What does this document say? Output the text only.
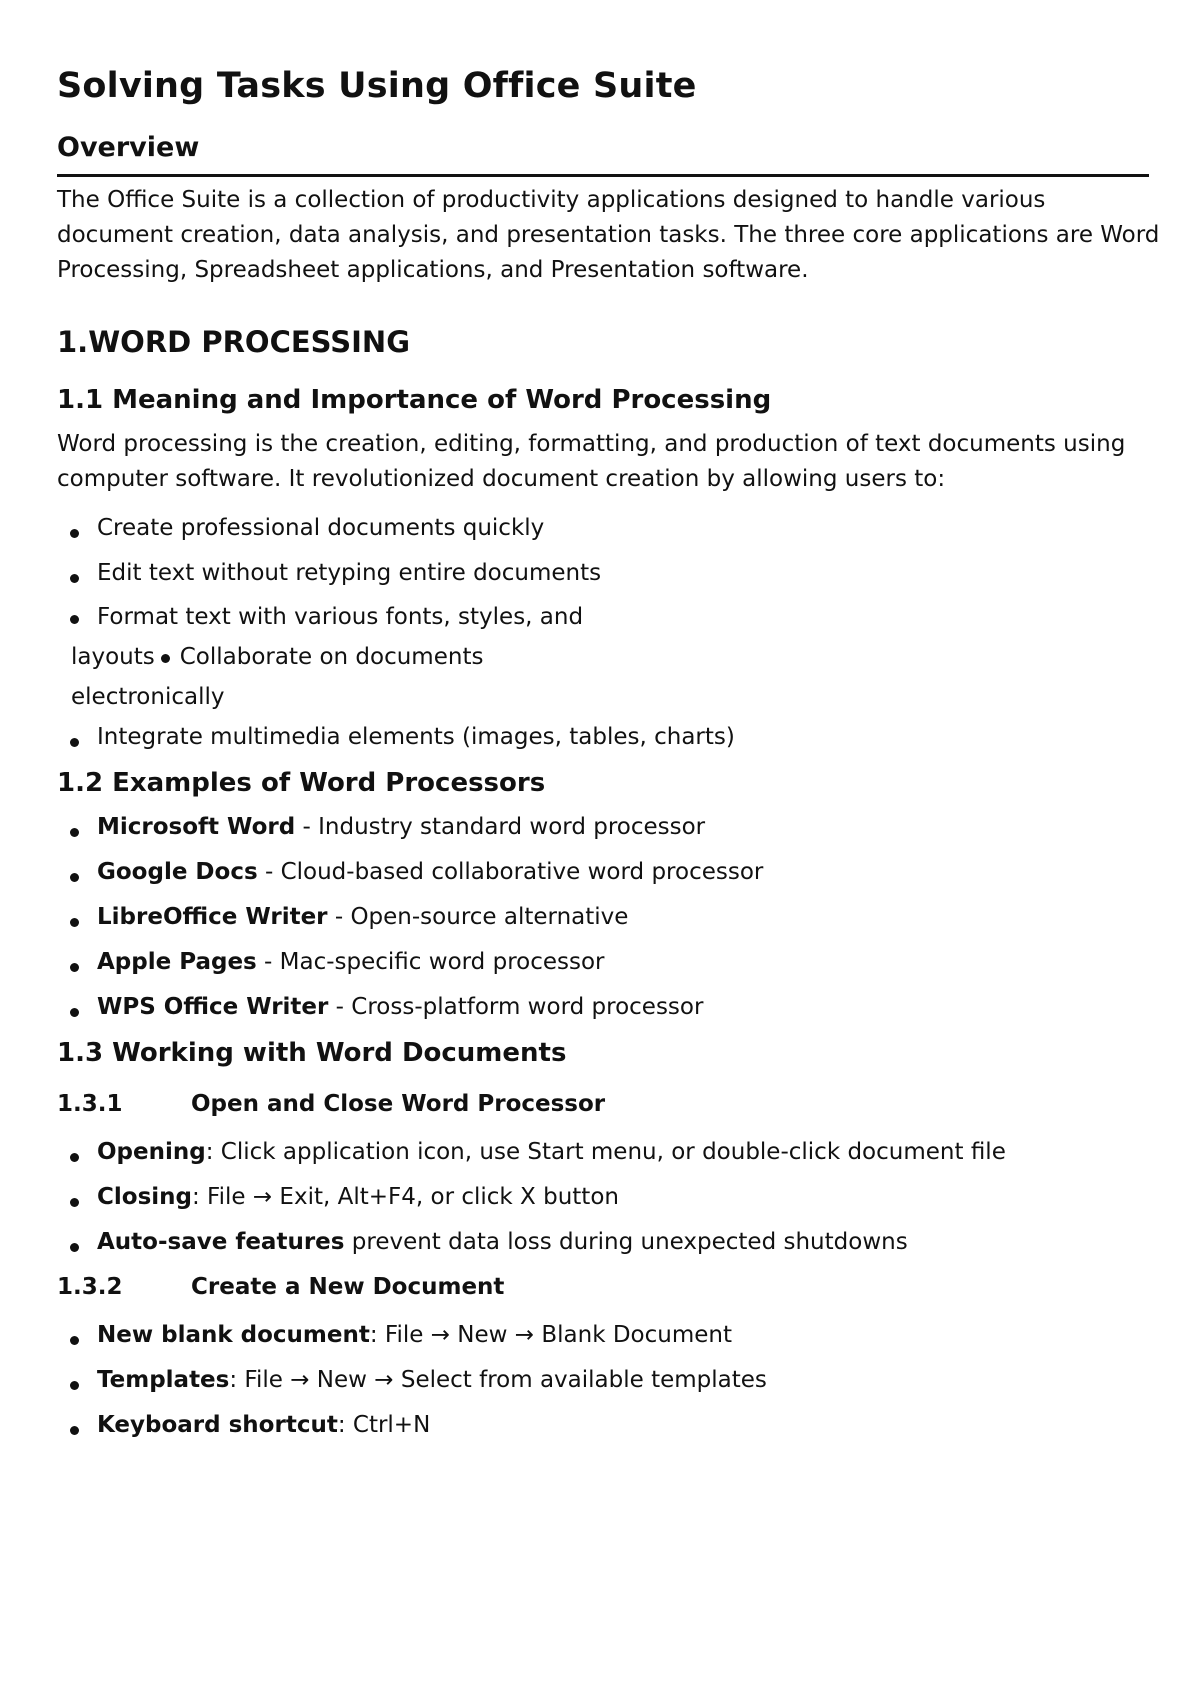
Solving Tasks Using Office Suite
Overview

The Office Suite is a collection of productivity applications designed to handle various document creation, data analysis, and presentation tasks. The three core applications are Word Processing, Spreadsheet applications, and Presentation software.

1.WORD PROCESSING
1.1 Meaning and Importance of Word Processing

Word processing is the creation, editing, formatting, and production of text documents using computer software. It revolutionized document creation by allowing users to:

Create professional documents quickly
Edit text without retyping entire documents
Format text with various fonts, styles, and
layouts Collaborate on documents
electronically
Integrate multimedia elements (images, tables, charts)
1.2 Examples of Word Processors
Microsoft Word - Industry standard word processor
Google Docs - Cloud-based collaborative word processor
LibreOffice Writer - Open-source alternative
Apple Pages - Mac-specific word processor
WPS Office Writer - Cross-platform word processor
1.3 Working with Word Documents
1.3.1	Open and Close Word Processor
Opening: Click application icon, use Start menu, or double-click document file
Closing: File → Exit, Alt+F4, or click X button
Auto-save features prevent data loss during unexpected shutdowns
1.3.2	Create a New Document
New blank document: File → New → Blank Document
Templates: File → New → Select from available templates
Keyboard shortcut: Ctrl+N
